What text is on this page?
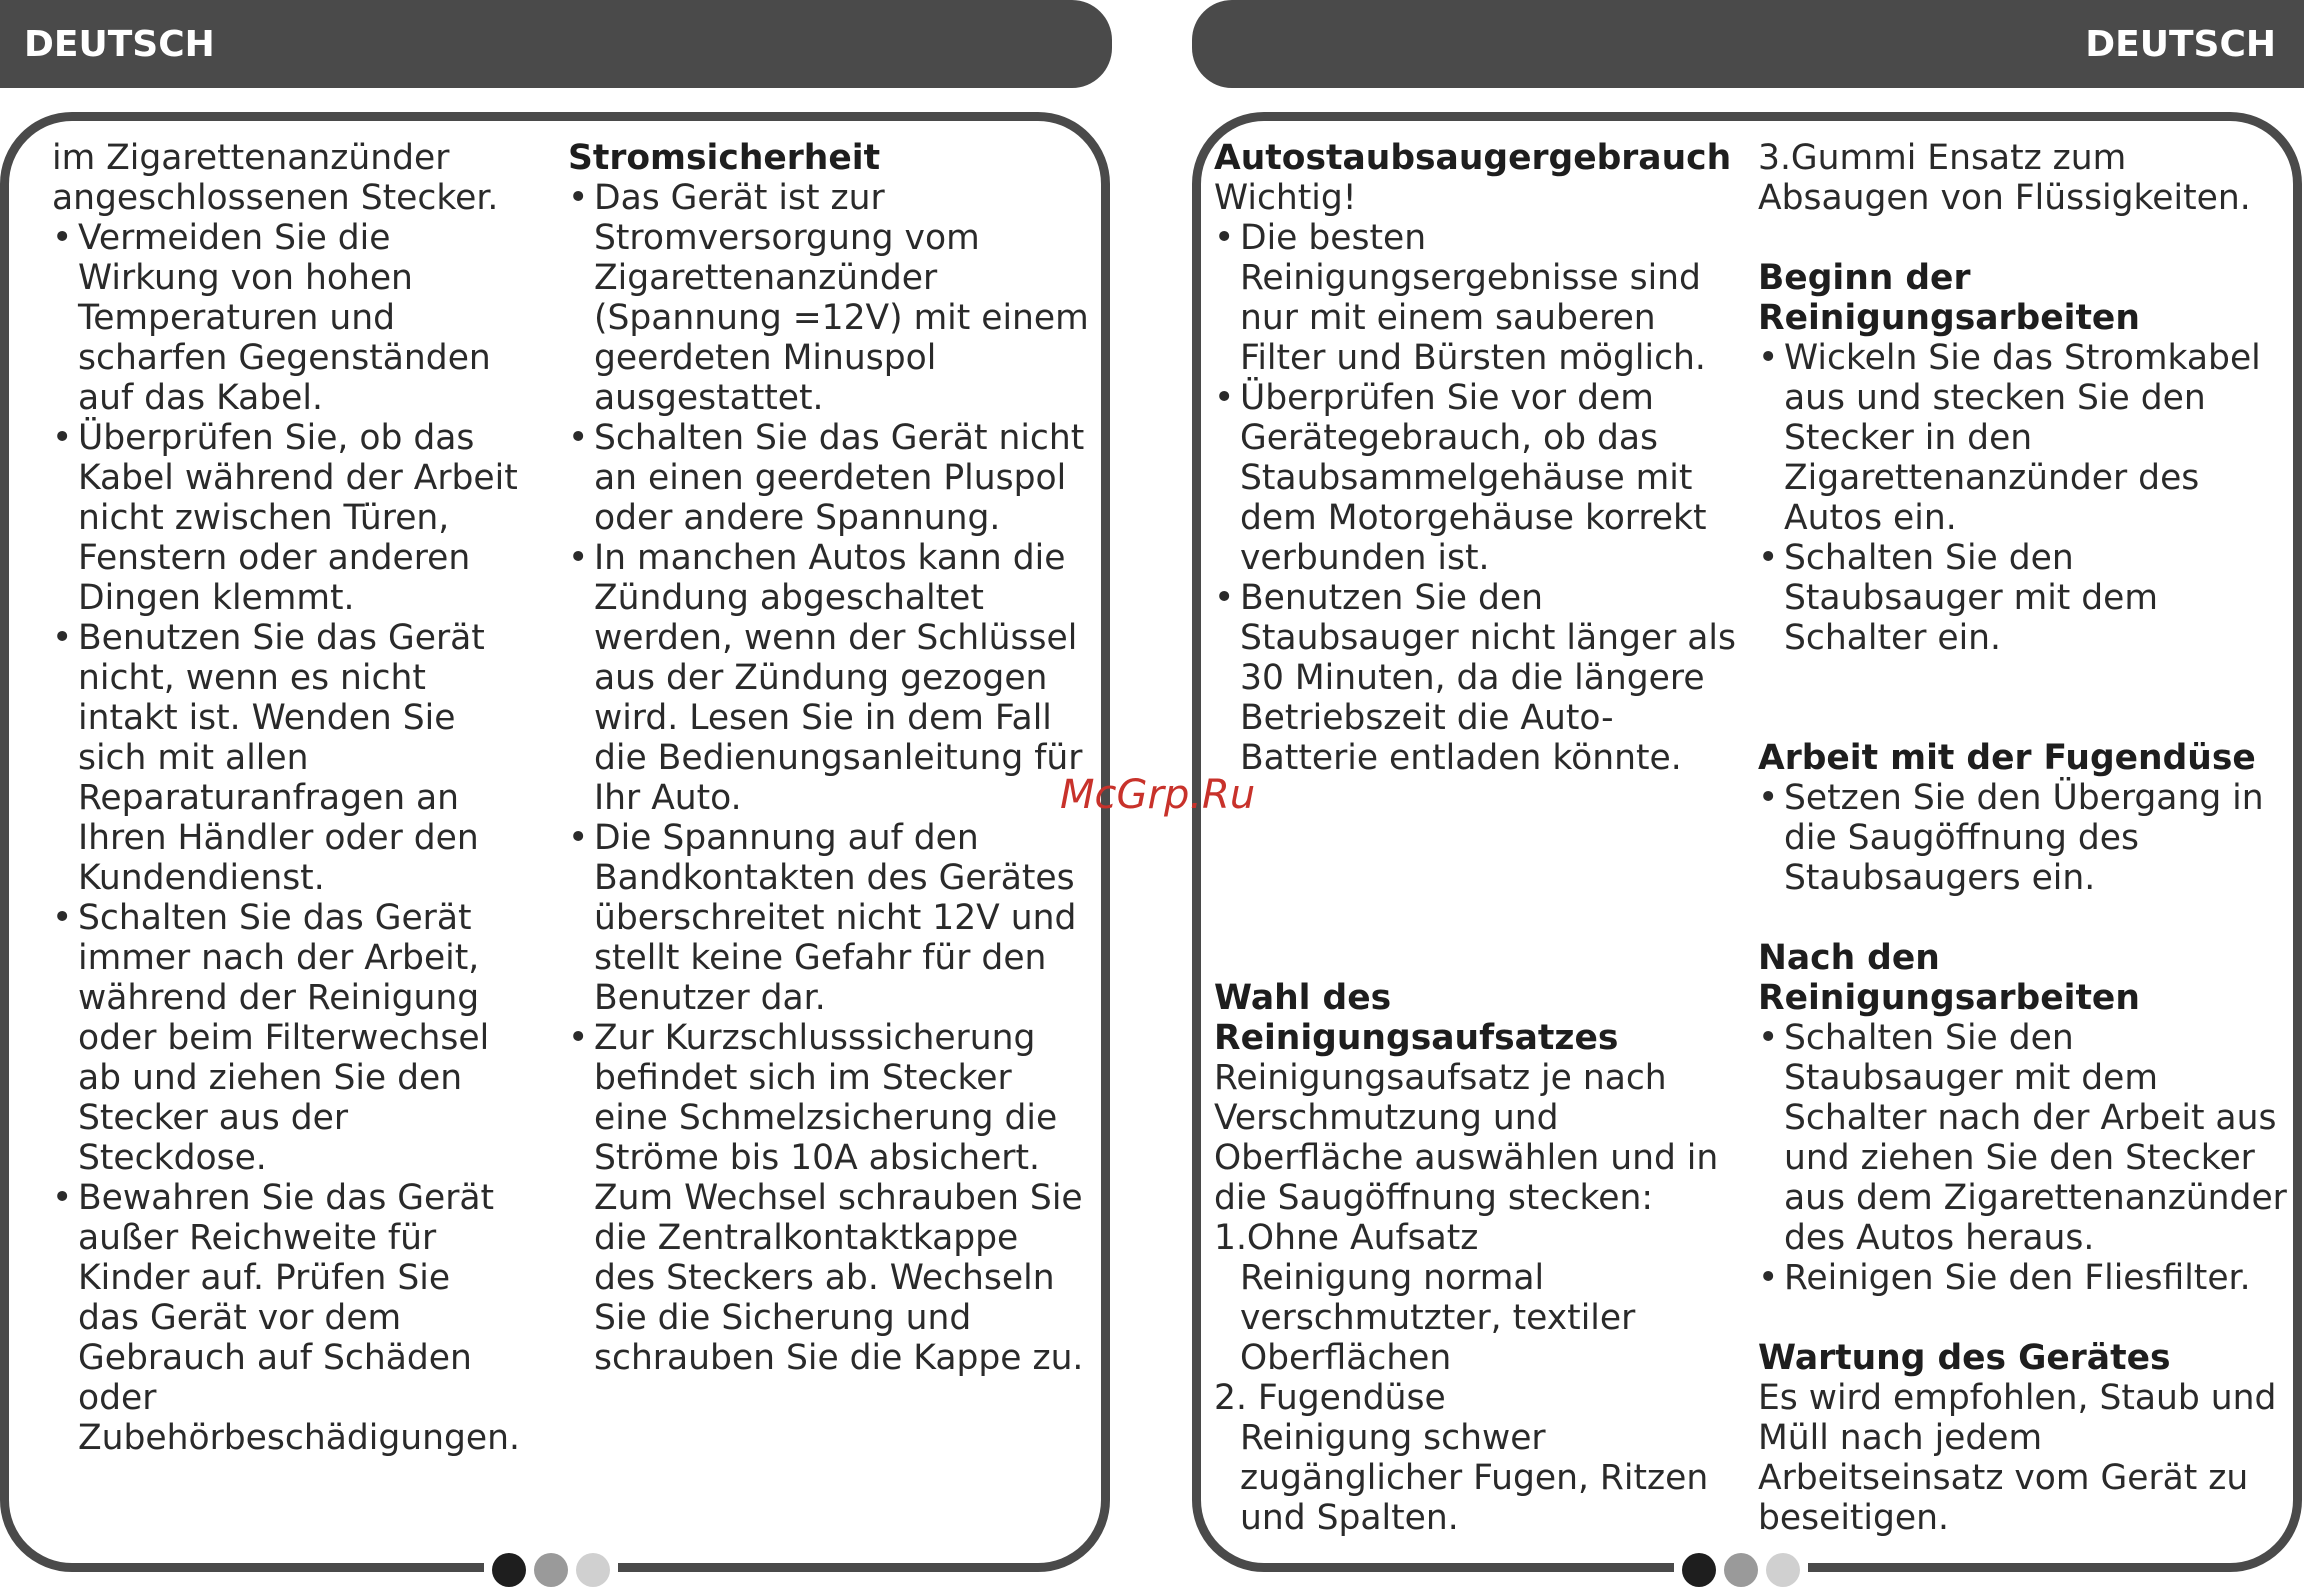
DEUTSCH	DEUTSCH

im Zigarettenanzünder angeschlossenen Stecker.

• Vermeiden Sie die Wirkung von hohen Temperaturen und scharfen Gegenständen auf das Kabel.
• Überprüfen Sie, ob das Kabel während der Arbeit nicht zwischen Türen, Fenstern oder anderen Dingen klemmt.
• Benutzen Sie das Gerät nicht, wenn es nicht intakt ist. Wenden Sie sich mit allen Reparaturanfragen an Ihren Händler oder den Kundendienst.
• Schalten Sie das Gerät immer nach der Arbeit, während der Reinigung oder beim Filterwechsel ab und ziehen Sie den Stecker aus der Steckdose.
• Bewahren Sie das Gerät außer Reichweite für Kinder auf. Prüfen Sie das Gerät vor dem Gebrauch auf Schäden oder Zubehörbeschädigungen.

Stromsicherheit

• Das Gerät ist zur Stromversorgung vom Zigarettenanzünder (Spannung =12V) mit einem geerdeten Minuspol ausgestattet.
• Schalten Sie das Gerät nicht an einen geerdeten Pluspol oder andere Spannung.
• In manchen Autos kann die Zündung abgeschaltet werden, wenn der Schlüssel aus der Zündung gezogen wird. Lesen Sie in dem Fall die Bedienungsanleitung für Ihr Auto.
• Die Spannung auf den Bandkontakten des Gerätes überschreitet nicht 12V und stellt keine Gefahr für den Benutzer dar.
• Zur Kurzschlusssicherung befindet sich im Stecker eine Schmelzsicherung die Ströme bis 10A absichert. Zum Wechsel schrauben Sie die Zentralkontaktkappe des Steckers ab. Wechseln Sie die Sicherung und schrauben Sie die Kappe zu.

Autostaubsaugergebrauch

Wichtig!

• Die besten Reinigungsergebnisse sind nur mit einem sauberen Filter und Bürsten möglich.
• Überprüfen Sie vor dem Gerätegebrauch, ob das Staubsammelgehäuse mit dem Motorgehäuse korrekt verbunden ist.
• Benutzen Sie den Staubsauger nicht länger als 30 Minuten, da die längere Betriebszeit die Auto-Batterie entladen könnte.

Wahl des Reinigungsaufsatzes

Reinigungsaufsatz je nach Verschmutzung und Oberfläche auswählen und in die Saugöffnung stecken:

1.Ohne Aufsatz
Reinigung normal verschmutzter, textiler Oberflächen
2. Fugendüse
Reinigung schwer zugänglicher Fugen, Ritzen und Spalten.
3.Gummi Ensatz zum Absaugen von Flüssigkeiten.

Beginn der Reinigungsarbeiten

• Wickeln Sie das Stromkabel aus und stecken Sie den Stecker in den Zigarettenanzünder des Autos ein.
• Schalten Sie den Staubsauger mit dem Schalter ein.

Arbeit mit der Fugendüse

• Setzen Sie den Übergang in die Saugöffnung des Staubsaugers ein.

Nach den Reinigungsarbeiten

• Schalten Sie den Staubsauger mit dem Schalter nach der Arbeit aus und ziehen Sie den Stecker aus dem Zigarettenanzünder des Autos heraus.
• Reinigen Sie den Fliesfilter.

Wartung des Gerätes

Es wird empfohlen, Staub und Müll nach jedem Arbeitseinsatz vom Gerät zu beseitigen.

McGrp.Ru
